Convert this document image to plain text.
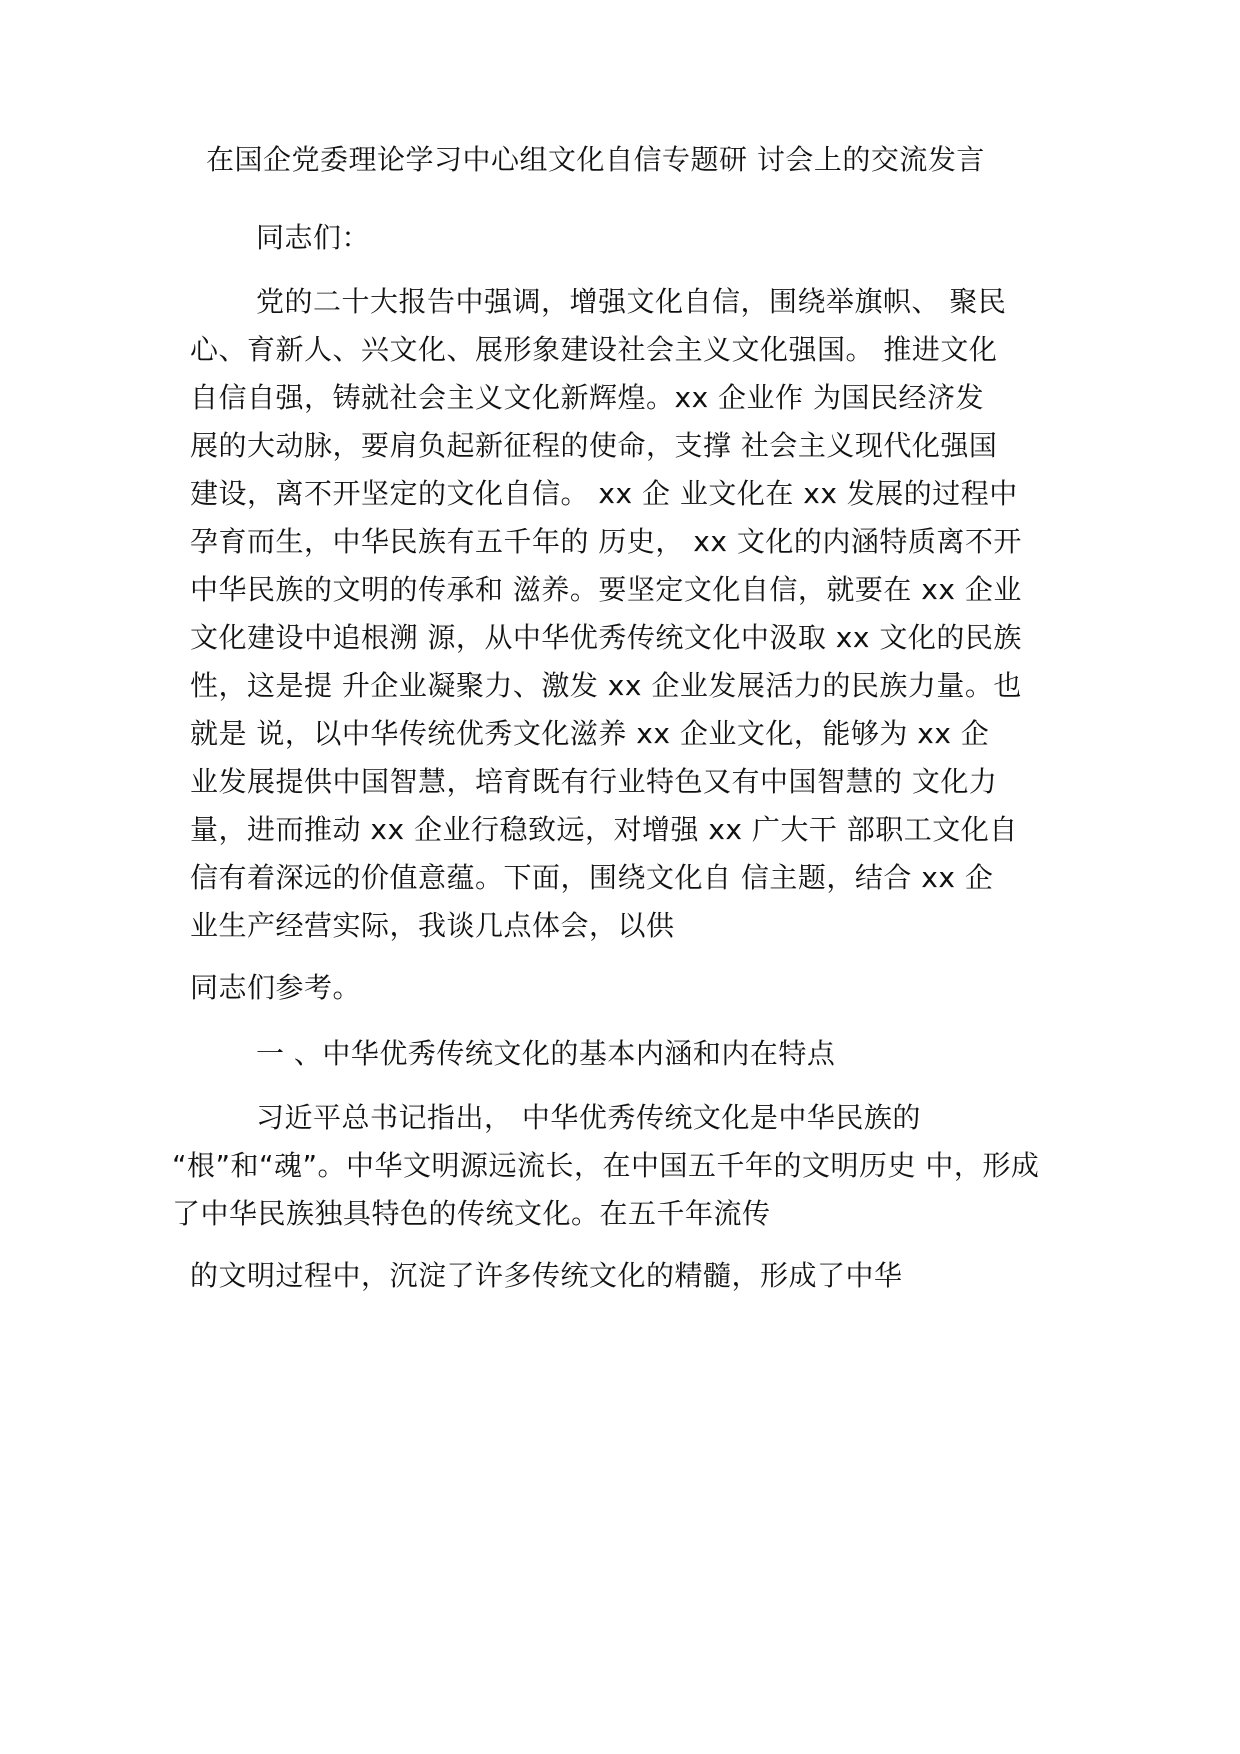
在国企党委理论学习中心组文化自信专题研 讨会上的交流发言
同志们：
党的二十大报告中强调，增强文化自信，围绕举旗帜、 聚民
心、育新人、兴文化、展形象建设社会主义文化强国。 推进文化
自信自强，铸就社会主义文化新辉煌。xx 企业作 为国民经济发
展的大动脉，要肩负起新征程的使命，支撑 社会主义现代化强国
建设，离不开坚定的文化自信。 xx 企 业文化在 xx 发展的过程中
孕育而生，中华民族有五千年的 历史， xx 文化的内涵特质离不开
中华民族的文明的传承和 滋养。要坚定文化自信，就要在 xx 企业
文化建设中追根溯 源，从中华优秀传统文化中汲取 xx 文化的民族
性，这是提 升企业凝聚力、激发 xx 企业发展活力的民族力量。也
就是 说，以中华传统优秀文化滋养 xx 企业文化，能够为 xx 企
业发展提供中国智慧，培育既有行业特色又有中国智慧的 文化力
量，进而推动 xx 企业行稳致远，对增强 xx 广大干 部职工文化自
信有着深远的价值意蕴。下面，围绕文化自 信主题，结合 xx 企
业生产经营实际，我谈几点体会，以供
同志们参考。
一 、中华优秀传统文化的基本内涵和内在特点
习近平总书记指出， 中华优秀传统文化是中华民族的
“根”和“魂”。中华文明源远流长，在中国五千年的文明历史 中，形成
了中华民族独具特色的传统文化。在五千年流传
的文明过程中，沉淀了许多传统文化的精髓，形成了中华
